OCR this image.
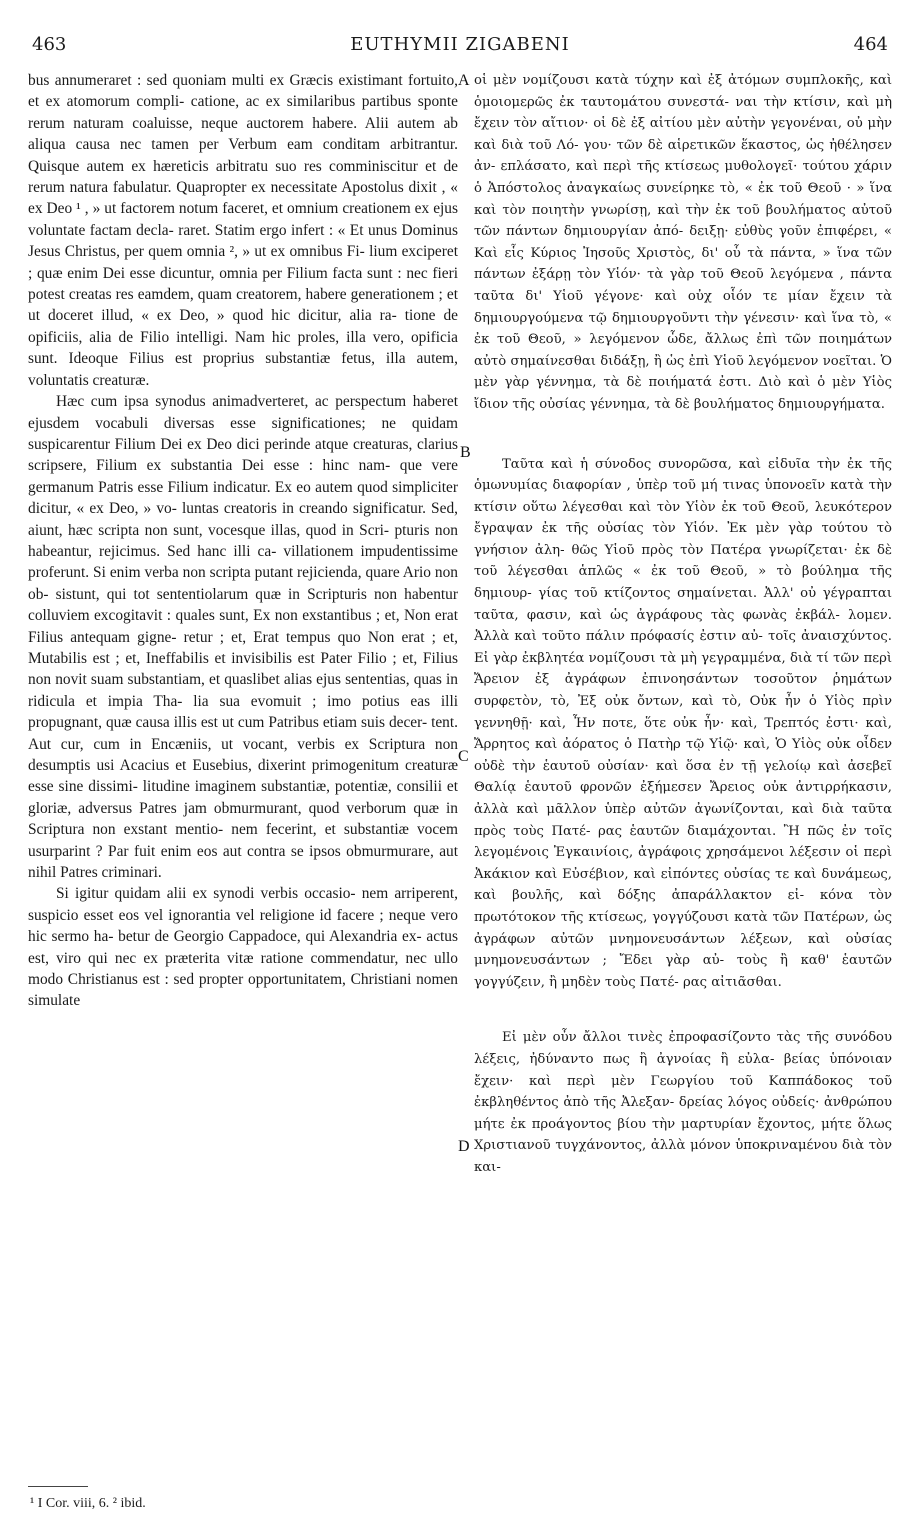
463	EUTHYMII ZIGABENI	464

bus annumeraret : sed quoniam multi ex Græcis existimant fortuito, et ex atomorum compli- catione, ac ex similaribus partibus sponte rerum naturam coaluisse, neque auctorem habere. Alii autem ab aliqua causa nec tamen per Verbum eam conditam arbitrantur. Quisque autem ex hæreticis arbitratu suo res comminiscitur et de rerum natura fabulatur. Quapropter ex necessitate Apostolus dixit , « ex Deo ¹ , » ut factorem notum faceret, et omnium creationem ex ejus voluntate factam decla- raret. Statim ergo infert : « Et unus Dominus Jesus Christus, per quem omnia ², » ut ex omnibus Fi- lium exciperet ; quæ enim Dei esse dicuntur, omnia per Filium facta sunt : nec fieri potest creatas res eamdem, quam creatorem, habere generationem ; et ut doceret illud, « ex Deo, » quod hic dicitur, alia ra- tione de opificiis, alia de Filio intelligi. Nam hic proles, illa vero, opificia sunt. Ideoque Filius est proprius substantiæ fetus, illa autem, voluntatis creaturæ.

Hæc cum ipsa synodus animadverteret, ac perspectum haberet ejusdem vocabuli diversas esse significationes; ne quidam suspicarentur Filium Dei ex Deo dici perinde atque creaturas, clarius scripsere, Filium ex substantia Dei esse : hinc nam- que vere germanum Patris esse Filium indicatur. Ex eo autem quod simpliciter dicitur, « ex Deo, » vo- luntas creatoris in creando significatur. Sed, aiunt, hæc scripta non sunt, vocesque illas, quod in Scri- pturis non habeantur, rejicimus. Sed hanc illi ca- villationem impudentissime proferunt. Si enim verba non scripta putant rejicienda, quare Ario non ob- sistunt, qui tot sententiolarum quæ in Scripturis non habentur colluviem excogitavit : quales sunt, Ex non exstantibus ; et, Non erat Filius antequam gigne- retur ; et, Erat tempus quo Non erat ; et, Mutabilis est ; et, Ineffabilis et invisibilis est Pater Filio ; et, Filius non novit suam substantiam, et quaslibet alias ejus sententias, quas in ridicula et impia Tha- lia sua evomuit ; imo potius eas illi propugnant, quæ causa illis est ut cum Patribus etiam suis decer- tent. Aut cur, cum in Encæniis, ut vocant, verbis ex Scriptura non desumptis usi Acacius et Eusebius, dixerint primogenitum creaturæ esse sine dissimi- litudine imaginem substantiæ, potentiæ, consilii et gloriæ, adversus Patres jam obmurmurant, quod verborum quæ in Scriptura non exstant mentio- nem fecerint, et substantiæ vocem usurparint ? Par fuit enim eos aut contra se ipsos obmurmurare, aut nihil Patres criminari.

Si igitur quidam alii ex synodi verbis occasio- nem arriperent, suspicio esset eos vel ignorantia vel religione id facere ; neque vero hic sermo ha- betur de Georgio Cappadoce, qui Alexandria ex- actus est, viro qui nec ex præterita vitæ ratione commendatur, nec ullo modo Christianus est : sed propter opportunitatem, Christiani nomen simulate

A
B
C
D

οἱ μὲν νομίζουσι κατὰ τύχην καὶ ἐξ ἀτόμων συμπλοκῆς, καὶ ὁμοιομερῶς ἐκ ταυτομάτου συνεστά- ναι τὴν κτίσιν, καὶ μὴ ἔχειν τὸν αἴτιον· οἱ δὲ ἐξ αἰτίου μὲν αὐτὴν γεγονέναι, οὐ μὴν καὶ διὰ τοῦ Λό- γου· τῶν δὲ αἱρετικῶν ἕκαστος, ὡς ἠθέλησεν ἀν- επλάσατο, καὶ περὶ τῆς κτίσεως μυθολογεῖ· τούτου χάριν ὁ Ἀπόστολος ἀναγκαίως συνείρηκε τὸ, « ἐκ τοῦ Θεοῦ · » ἵνα καὶ τὸν ποιητὴν γνωρίσῃ, καὶ τὴν ἐκ τοῦ βουλήματος αὐτοῦ τῶν πάντων δημιουργίαν ἀπό- δειξῃ· εὐθὺς γοῦν ἐπιφέρει, « Καὶ εἷς Κύριος Ἰησοῦς Χριστὸς, δι' οὗ τὰ πάντα, » ἵνα τῶν πάντων ἐξάρῃ τὸν Υἱόν· τὰ γὰρ τοῦ Θεοῦ λεγόμενα , πάντα ταῦτα δι' Υἱοῦ γέγονε· καὶ οὐχ οἷόν τε μίαν ἔχειν τὰ δημιουργούμενα τῷ δημιουργοῦντι τὴν γένεσιν· καὶ ἵνα τὸ, « ἐκ τοῦ Θεοῦ, » λεγόμενον ὧδε, ἄλλως ἐπὶ τῶν ποιημάτων αὐτὸ σημαίνεσθαι διδάξῃ, ἢ ὡς ἐπὶ Υἱοῦ λεγόμενον νοεῖται. Ὁ μὲν γὰρ γέννημα, τὰ δὲ ποιήματά ἐστι. Διὸ καὶ ὁ μὲν Υἱὸς ἴδιον τῆς οὐσίας γέννημα, τὰ δὲ βουλήματος δημιουργήματα.

Ταῦτα καὶ ἡ σύνοδος συνορῶσα, καὶ εἰδυῖα τὴν ἐκ τῆς ὁμωνυμίας διαφορίαν , ὑπὲρ τοῦ μή τινας ὑπονοεῖν κατὰ τὴν κτίσιν οὕτω λέγεσθαι καὶ τὸν Υἱὸν ἐκ τοῦ Θεοῦ, λευκότερον ἔγραψαν ἐκ τῆς οὐσίας τὸν Υἱόν. Ἐκ μὲν γὰρ τούτου τὸ γνήσιον ἀλη- θῶς Υἱοῦ πρὸς τὸν Πατέρα γνωρίζεται· ἐκ δὲ τοῦ λέγεσθαι ἁπλῶς « ἐκ τοῦ Θεοῦ, » τὸ βούλημα τῆς δημιουρ- γίας τοῦ κτίζοντος σημαίνεται. Ἀλλ' οὐ γέγραπται ταῦτα, φασιν, καὶ ὡς ἀγράφους τὰς φωνὰς ἐκβάλ- λομεν. Ἀλλὰ καὶ τοῦτο πάλιν πρόφασίς ἐστιν αὐ- τοῖς ἀναισχύντος. Εἰ γὰρ ἐκβλητέα νομίζουσι τὰ μὴ γεγραμμένα, διὰ τί τῶν περὶ Ἄρειον ἐξ ἀγράφων ἐπινοησάντων τοσοῦτον ῥημάτων συρφετὸν, τὸ, Ἐξ οὐκ ὄντων, καὶ τὸ, Οὐκ ἦν ὁ Υἱὸς πρὶν γεννηθῇ· καὶ, Ἦν ποτε, ὅτε οὐκ ἦν· καὶ, Τρεπτός ἐστι· καὶ, Ἄρρητος καὶ ἀόρατος ὁ Πατὴρ τῷ Υἱῷ· καὶ, Ὁ Υἱὸς οὐκ οἶδεν οὐδὲ τὴν ἑαυτοῦ οὐσίαν· καὶ ὅσα ἐν τῇ γελοίῳ καὶ ἀσεβεῖ Θαλίᾳ ἑαυτοῦ φρονῶν ἐξήμεσεν Ἄρειος οὐκ ἀντιρρήκασιν, ἀλλὰ καὶ μᾶλλον ὑπὲρ αὐτῶν ἀγωνίζονται, καὶ διὰ ταῦτα πρὸς τοὺς Πατέ- ρας ἑαυτῶν διαμάχονται. Ἢ πῶς ἐν τοῖς λεγομένοις Ἐγκαινίοις, ἀγράφοις χρησάμενοι λέξεσιν οἱ περὶ Ἀκάκιον καὶ Εὐσέβιον, καὶ εἰπόντες οὐσίας τε καὶ δυνάμεως, καὶ βουλῆς, καὶ δόξης ἀπαράλλακτον εἰ- κόνα τὸν πρωτότοκον τῆς κτίσεως, γογγύζουσι κατὰ τῶν Πατέρων, ὡς ἀγράφων αὐτῶν μνημονευσάντων λέξεων, καὶ οὐσίας μνημονευσάντων ; Ἔδει γὰρ αὐ- τοὺς ἢ καθ' ἑαυτῶν γογγύζειν, ἢ μηδὲν τοὺς Πατέ- ρας αἰτιᾶσθαι.

Εἰ μὲν οὖν ἄλλοι τινὲς ἐπροφασίζοντο τὰς τῆς συνόδου λέξεις, ἠδύναντο πως ἢ ἀγνοίας ἢ εὐλα- βείας ὑπόνοιαν ἔχειν· καὶ περὶ μὲν Γεωργίου τοῦ Καππάδοκος τοῦ ἐκβληθέντος ἀπὸ τῆς Ἀλεξαν- δρείας λόγος οὐδείς· ἀνθρώπου μήτε ἐκ προάγοντος βίου τὴν μαρτυρίαν ἔχοντος, μήτε ὅλως Χριστιανοῦ τυγχάνοντος, ἀλλὰ μόνον ὑποκριναμένου διὰ τὸν και-

¹ I Cor. viii, 6. ² ibid.
